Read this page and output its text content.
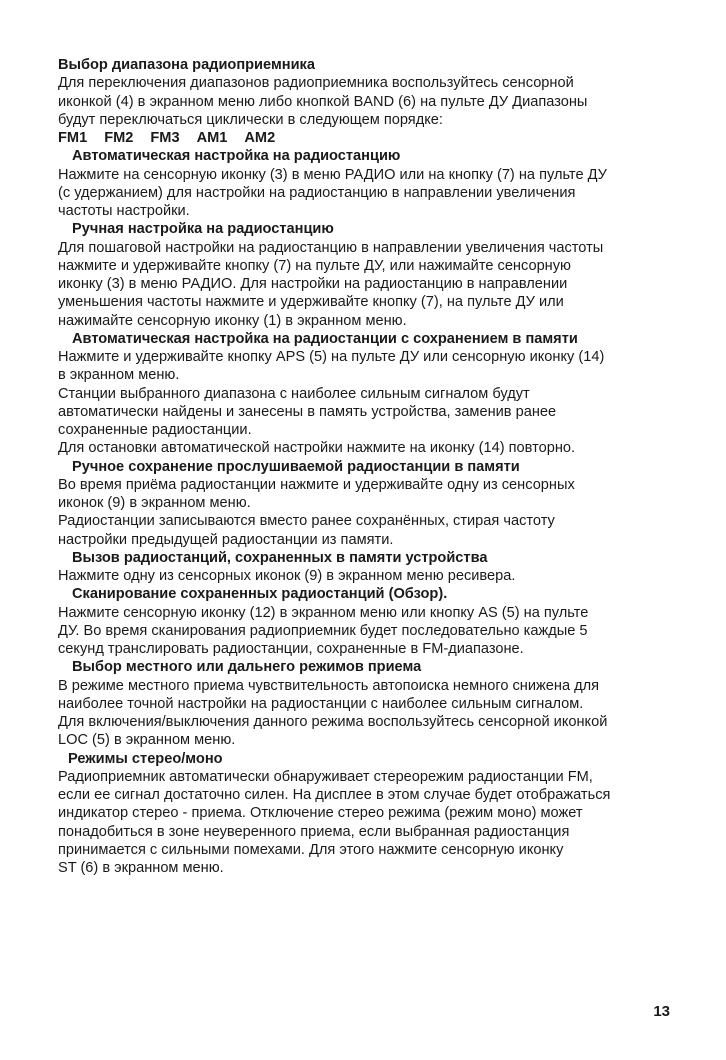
Выбор диапазона радиоприемника
Для переключения диапазонов радиоприемника воспользуйтесь сенсорной
иконкой (4) в экранном меню либо кнопкой BAND (6) на пульте ДУ Диапазоны
будут переключаться циклически в следующем порядке:
FM1 FM2 FM3 AM1 AM2
Автоматическая настройка на радиостанцию
Нажмите на сенсорную иконку (3) в меню РАДИО или на кнопку (7) на пульте ДУ
(с удержанием) для настройки на радиостанцию в направлении увеличения
частоты настройки.
Ручная настройка на радиостанцию
Для пошаговой настройки на радиостанцию в направлении увеличения частоты
нажмите и удерживайте кнопку (7) на пульте ДУ, или нажимайте сенсорную
иконку (3) в меню РАДИО. Для настройки на радиостанцию в направлении
уменьшения частоты нажмите и удерживайте кнопку (7), на пульте ДУ или
нажимайте сенсорную иконку (1) в экранном меню.
Автоматическая настройка на радиостанции с сохранением в памяти
Нажмите и удерживайте кнопку APS (5) на пульте ДУ или сенсорную иконку (14)
в экранном меню.
Станции выбранного диапазона с наиболее сильным сигналом будут
автоматически найдены и занесены в память устройства, заменив ранее
сохраненные радиостанции.
Для остановки автоматической настройки нажмите на иконку (14) повторно.
Ручное сохранение прослушиваемой радиостанции в памяти
Во время приёма радиостанции нажмите и удерживайте одну из сенсорных
иконок (9) в экранном меню.
Радиостанции записываются вместо ранее сохранённых, стирая частоту
настройки предыдущей радиостанции из памяти.
Вызов радиостанций, сохраненных в памяти устройства
Нажмите одну из сенсорных иконок (9) в экранном меню ресивера.
Сканирование сохраненных радиостанций (Обзор).
Нажмите сенсорную иконку (12) в экранном меню или кнопку AS (5) на пульте
ДУ. Во время сканирования радиоприемник будет последовательно каждые 5
секунд транслировать радиостанции, сохраненные в FM-диапазоне.
Выбор местного или дальнего режимов приема
В режиме местного приема чувствительность автопоиска немного снижена для
наиболее точной настройки на радиостанции с наиболее сильным сигналом.
Для включения/выключения данного режима воспользуйтесь сенсорной иконкой
LOC (5) в экранном меню.
Режимы стерео/моно
Радиоприемник автоматически обнаруживает стереорежим радиостанции FM,
если ее сигнал достаточно силен. На дисплее в этом случае будет отображаться
индикатор стерео - приема. Отключение стерео режима (режим моно) может
понадобиться в зоне неуверенного приема, если выбранная радиостанция
принимается с сильными помехами. Для этого нажмите сенсорную иконку
ST (6) в экранном меню.
13
